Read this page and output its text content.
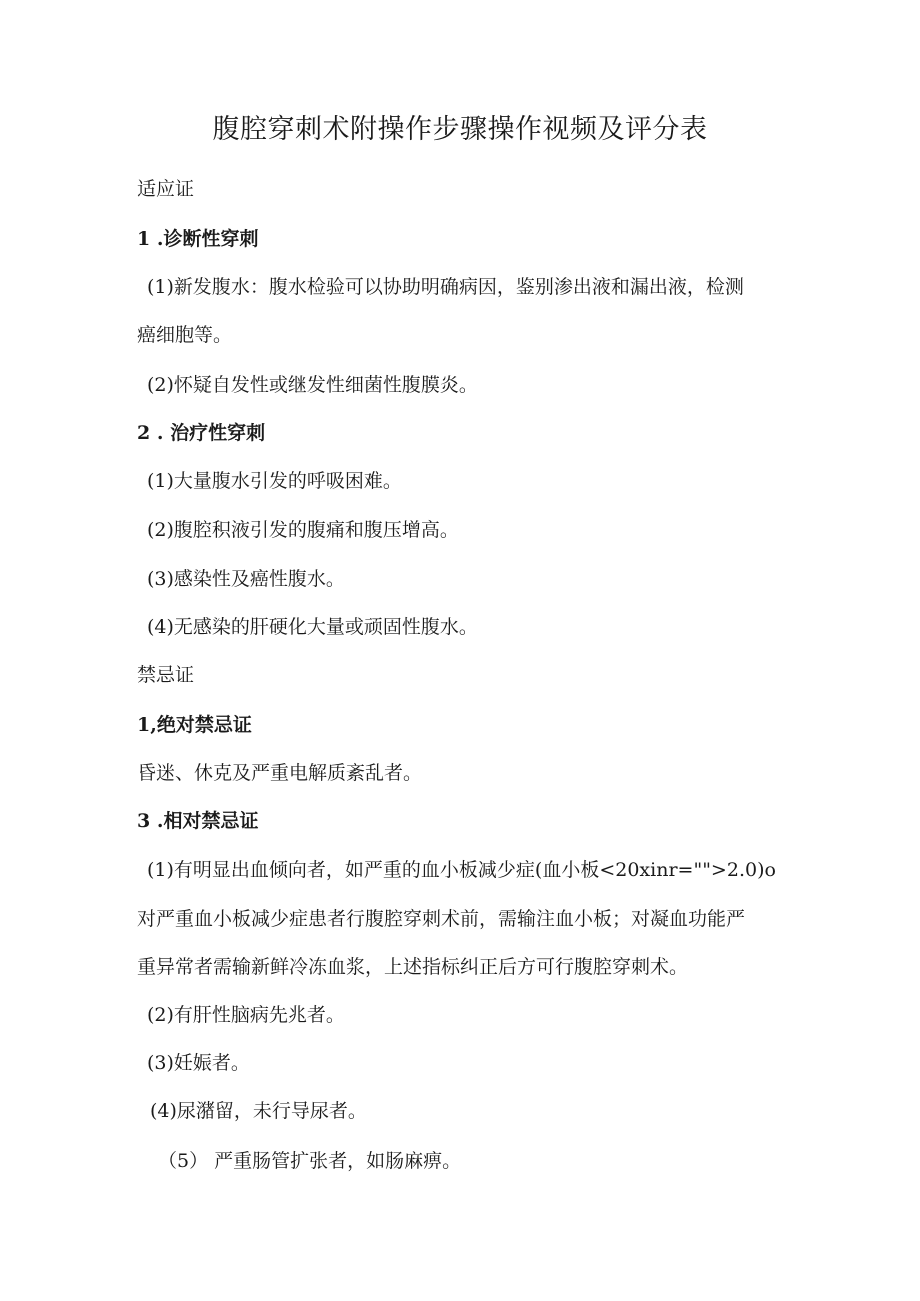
腹腔穿刺术附操作步骤操作视频及评分表
适应证
1 .诊断性穿刺
(1)新发腹水：腹水检验可以协助明确病因，鉴别渗出液和漏出液，检测
癌细胞等。
(2)怀疑自发性或继发性细菌性腹膜炎。
2 . 治疗性穿刺
(1)大量腹水引发的呼吸困难。
(2)腹腔积液引发的腹痛和腹压增高。
(3)感染性及癌性腹水。
(4)无感染的肝硬化大量或顽固性腹水。
禁忌证
1,绝对禁忌证
昏迷、休克及严重电解质紊乱者。
3 .相对禁忌证
(1)有明显出血倾向者，如严重的血小板减少症(血小板<20xinr="">2.0)o
对严重血小板减少症患者行腹腔穿刺术前，需输注血小板；对凝血功能严
重异常者需输新鲜冷冻血浆，上述指标纠正后方可行腹腔穿刺术。
(2)有肝性脑病先兆者。
(3)妊娠者。
(4)尿潴留，未行导尿者。
（5） 严重肠管扩张者，如肠麻痹。
